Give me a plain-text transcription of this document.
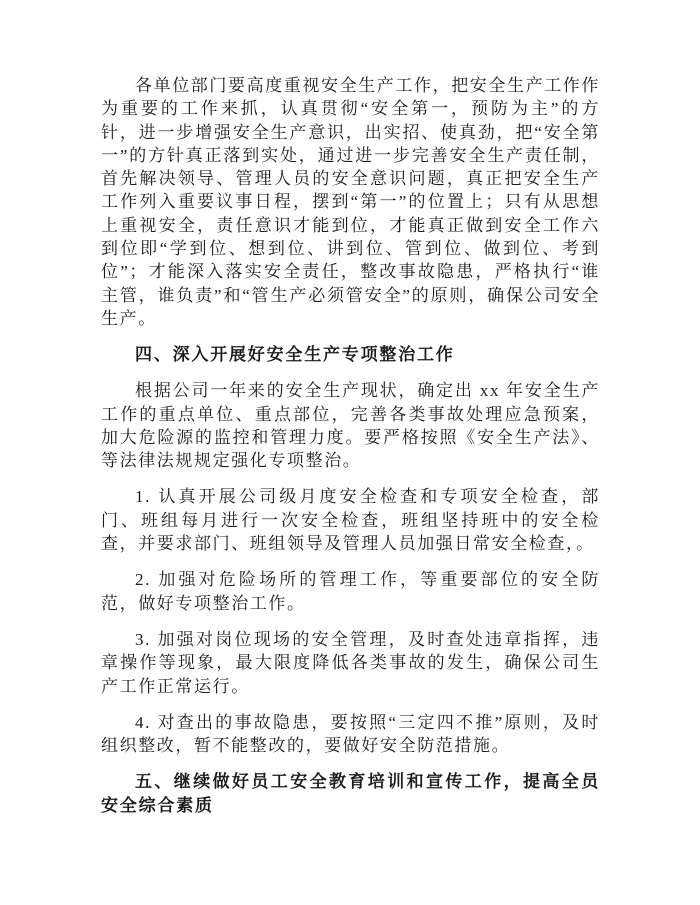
各单位部门要高度重视安全生产工作，把安全生产工作作为重要的工作来抓，认真贯彻“安全第一，预防为主”的方针，进一步增强安全生产意识，出实招、使真劲，把“安全第一”的方针真正落到实处，通过进一步完善安全生产责任制，首先解决领导、管理人员的安全意识问题，真正把安全生产工作列入重要议事日程，摆到“第一”的位置上；只有从思想上重视安全，责任意识才能到位，才能真正做到安全工作六到位即“学到位、想到位、讲到位、管到位、做到位、考到位”；才能深入落实安全责任，整改事故隐患，严格执行“谁主管，谁负责”和“管生产必须管安全”的原则，确保公司安全生产。

四、深入开展好安全生产专项整治工作

根据公司一年来的安全生产现状，确定出 xx 年安全生产工作的重点单位、重点部位，完善各类事故处理应急预案，加大危险源的监控和管理力度。要严格按照《安全生产法》、等法律法规规定强化专项整治。

1. 认真开展公司级月度安全检查和专项安全检查，部门、班组每月进行一次安全检查，班组坚持班中的安全检查，并要求部门、班组领导及管理人员加强日常安全检查，。

2. 加强对危险场所的管理工作，等重要部位的安全防范，做好专项整治工作。

3. 加强对岗位现场的安全管理，及时查处违章指挥，违章操作等现象，最大限度降低各类事故的发生，确保公司生产工作正常运行。

4. 对查出的事故隐患，要按照“三定四不推”原则，及时组织整改，暂不能整改的，要做好安全防范措施。

五、继续做好员工安全教育培训和宣传工作，提高全员安全综合素质
